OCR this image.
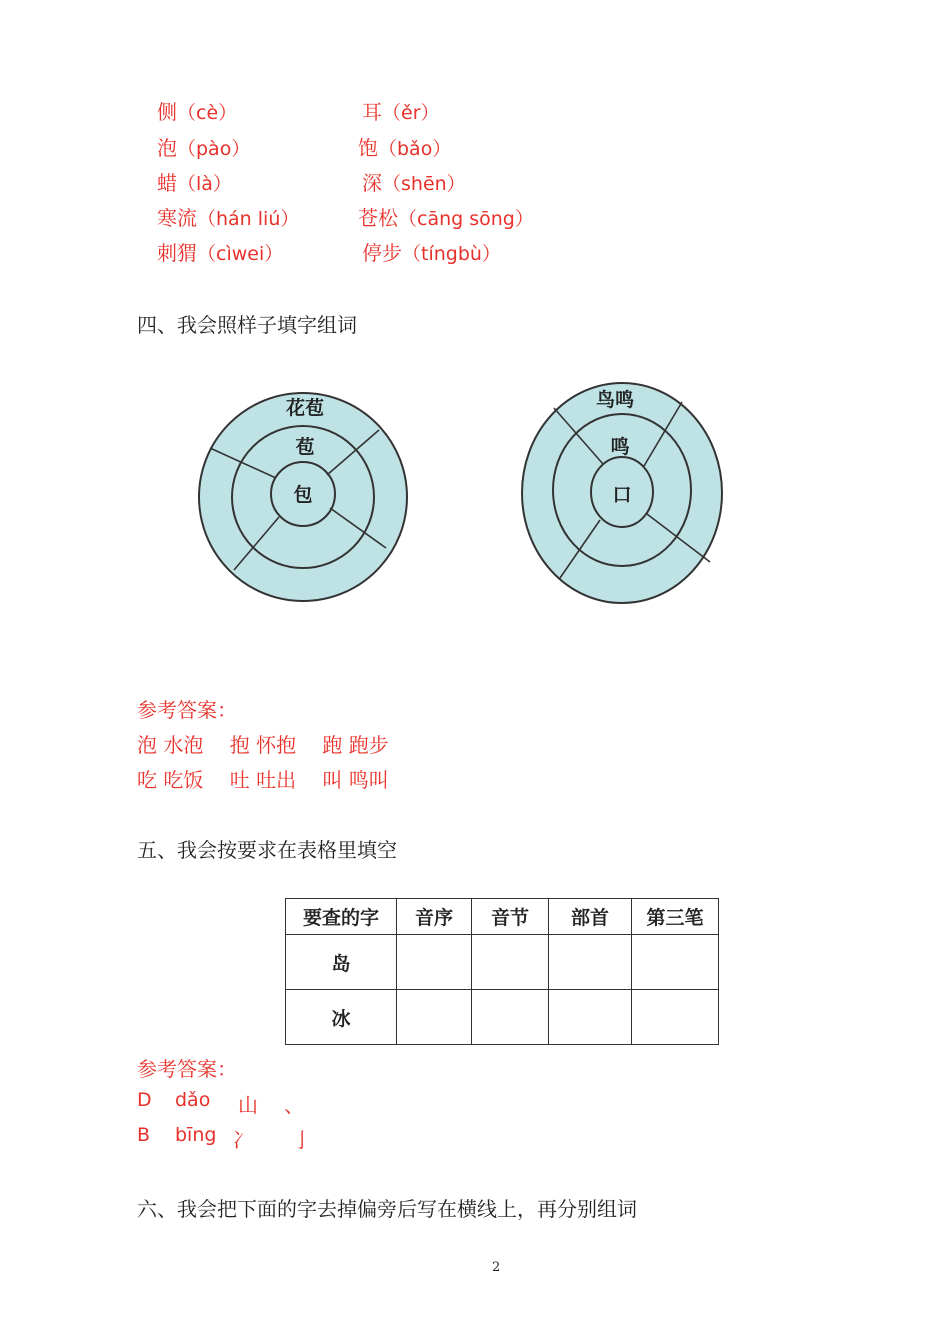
侧（cè）	耳（ěr）
泡（pào）	饱（bǎo）
蜡（là）	深（shēn）
寒流（hán liú）	苍松（cāng sōng）
刺猬（cìwei）	停步（tíngbù）
四、我会照样子填字组词
花苞
苞
包
鸟鸣
鸣
口
参考答案：
泡 水泡　 抱 怀抱　 跑 跑步
吃 吃饭　 吐 吐出　 叫 鸣叫
五、我会按要求在表格里填空
要查的字	音序	音节	部首	第三笔
岛				
冰				
参考答案：
D dǎo 山 、
B bīng 冫 亅
六、我会把下面的字去掉偏旁后写在横线上，再分别组词
2
